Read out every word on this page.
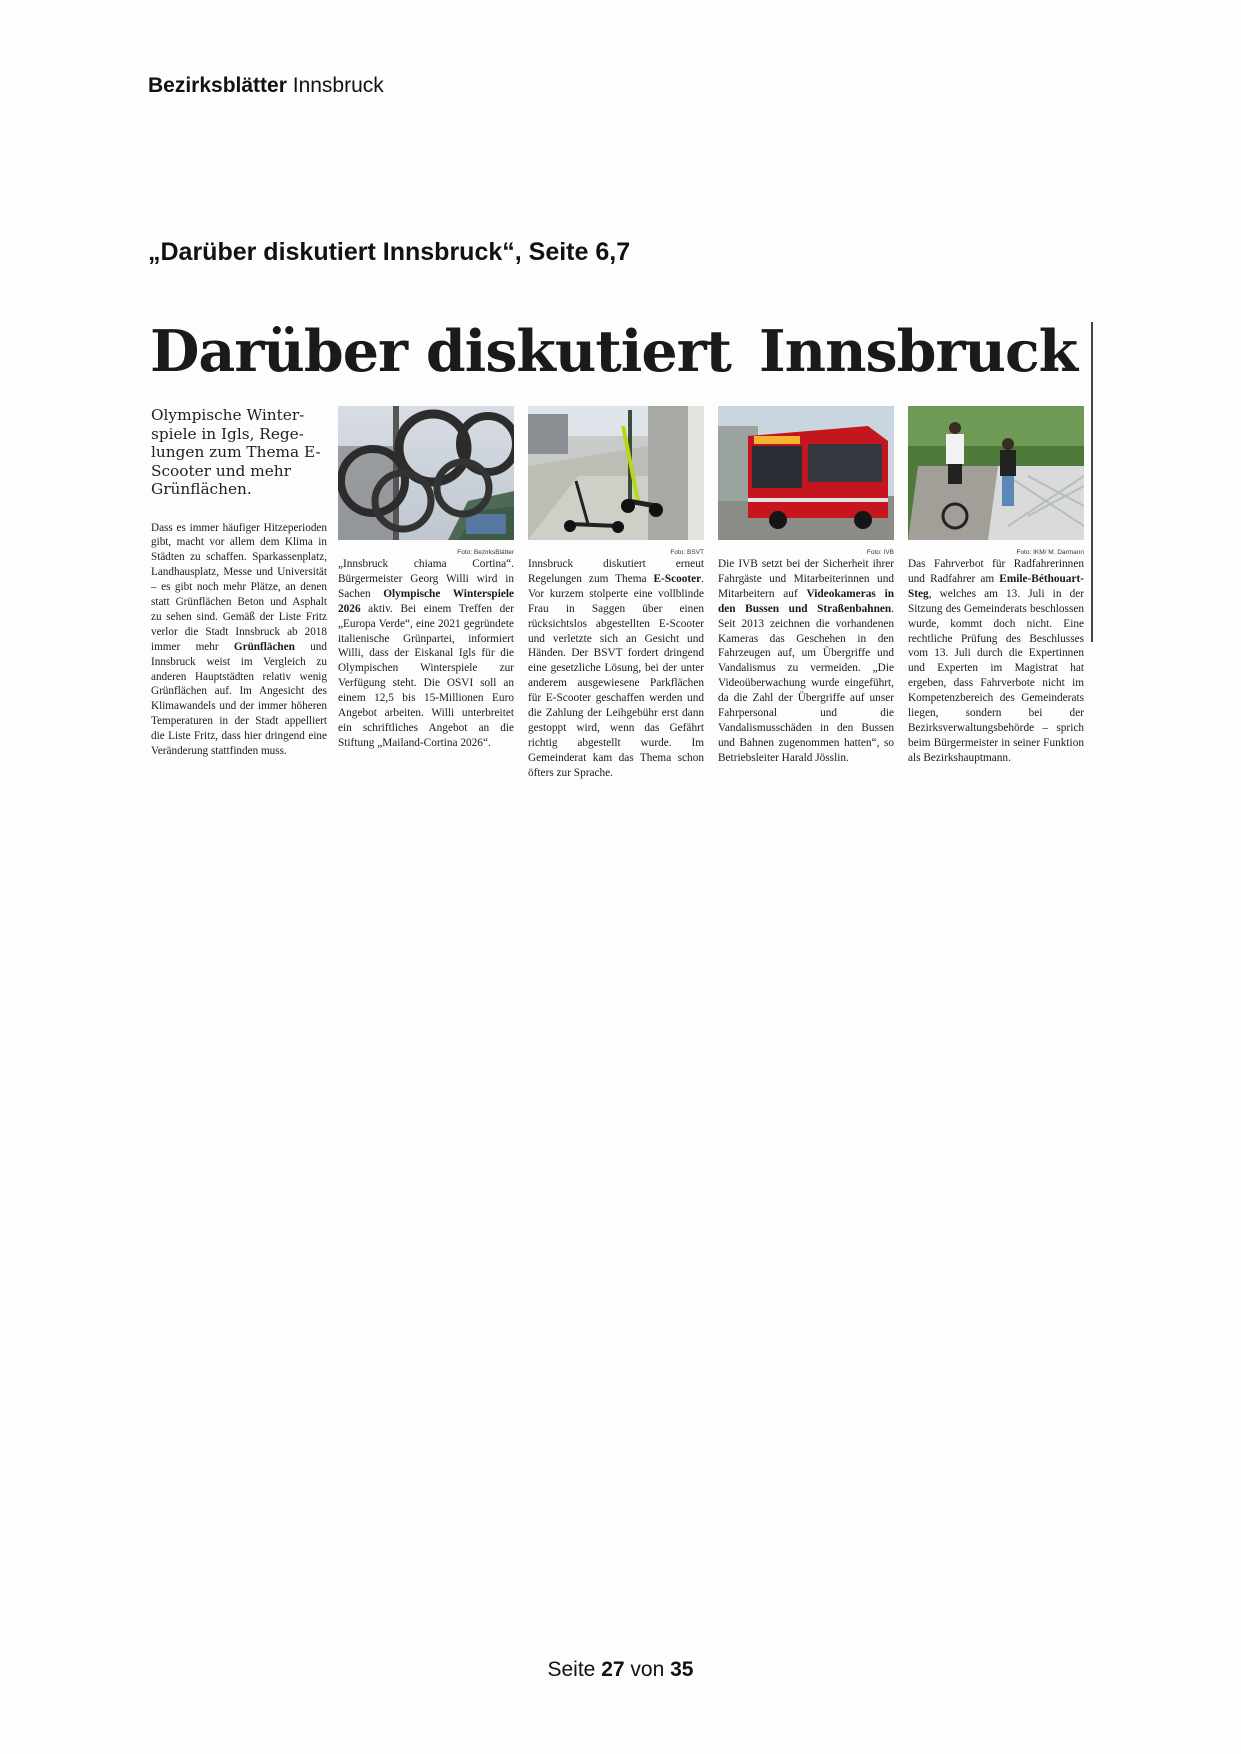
Bezirksblätter Innsbruck
„Darüber diskutiert Innsbruck“, Seite 6,7
Darüber diskutiert Innsbruck
Olympische Winterspiele in Igls, Regelungen zum Thema E-Scooter und mehr Grünflächen.
Dass es immer häufiger Hitzeperioden gibt, macht vor allem dem Klima in Städten zu schaffen. Sparkassenplatz, Landhausplatz, Messe und Universität – es gibt noch mehr Plätze, an denen statt Grünflächen Beton und Asphalt zu sehen sind. Gemäß der Liste Fritz verlor die Stadt Innsbruck ab 2018 immer mehr Grünflächen und Innsbruck weist im Vergleich zu anderen Hauptstädten relativ wenig Grünflächen auf. Im Angesicht des Klimawandels und der immer höheren Temperaturen in der Stadt appelliert die Liste Fritz, dass hier dringend eine Veränderung stattfinden muss.
Foto: BezirksBlätter
„Innsbruck chiama Cortina“. Bürgermeister Georg Willi wird in Sachen Olympische Winterspiele 2026 aktiv. Bei einem Treffen der „Europa Verde“, eine 2021 gegründete italienische Grünpartei, informiert Willi, dass der Eiskanal Igls für die Olympischen Winterspiele zur Verfügung steht. Die OSVI soll an einem 12,5 bis 15-Millionen Euro Angebot arbeiten. Willi unterbreitet ein schriftliches Angebot an die Stiftung „Mailand-Cortina 2026“.
Foto: BSVT
Innsbruck diskutiert erneut Regelungen zum Thema E-Scooter. Vor kurzem stolperte eine vollblinde Frau in Saggen über einen rücksichtslos abgestellten E-Scooter und verletzte sich an Gesicht und Händen. Der BSVT fordert dringend eine gesetzliche Lösung, bei der unter anderem ausgewiesene Parkflächen für E-Scooter geschaffen werden und die Zahlung der Leihgebühr erst dann gestoppt wird, wenn das Gefährt richtig abgestellt wurde. Im Gemeinderat kam das Thema schon öfters zur Sprache.
Foto: IVB
Die IVB setzt bei der Sicherheit ihrer Fahrgäste und Mitarbeiterinnen und Mitarbeitern auf Videokameras in den Bussen und Straßenbahnen. Seit 2013 zeichnen die vorhandenen Kameras das Geschehen in den Fahrzeugen auf, um Übergriffe und Vandalismus zu vermeiden. „Die Videoüberwachung wurde eingeführt, da die Zahl der Übergriffe auf unser Fahrpersonal und die Vandalismusschäden in den Bussen und Bahnen zugenommen hatten“, so Betriebsleiter Harald Jösslin.
Foto: IKM/ M. Darmann
Das Fahrverbot für Radfahrerinnen und Radfahrer am Emile-Béthouart-Steg, welches am 13. Juli in der Sitzung des Gemeinderats beschlossen wurde, kommt doch nicht. Eine rechtliche Prüfung des Beschlusses vom 13. Juli durch die Expertinnen und Experten im Magistrat hat ergeben, dass Fahrverbote nicht im Kompetenzbereich des Gemeinderats liegen, sondern bei der Bezirksverwaltungsbehörde – sprich beim Bürgermeister in seiner Funktion als Bezirkshauptmann.
Seite 27 von 35
